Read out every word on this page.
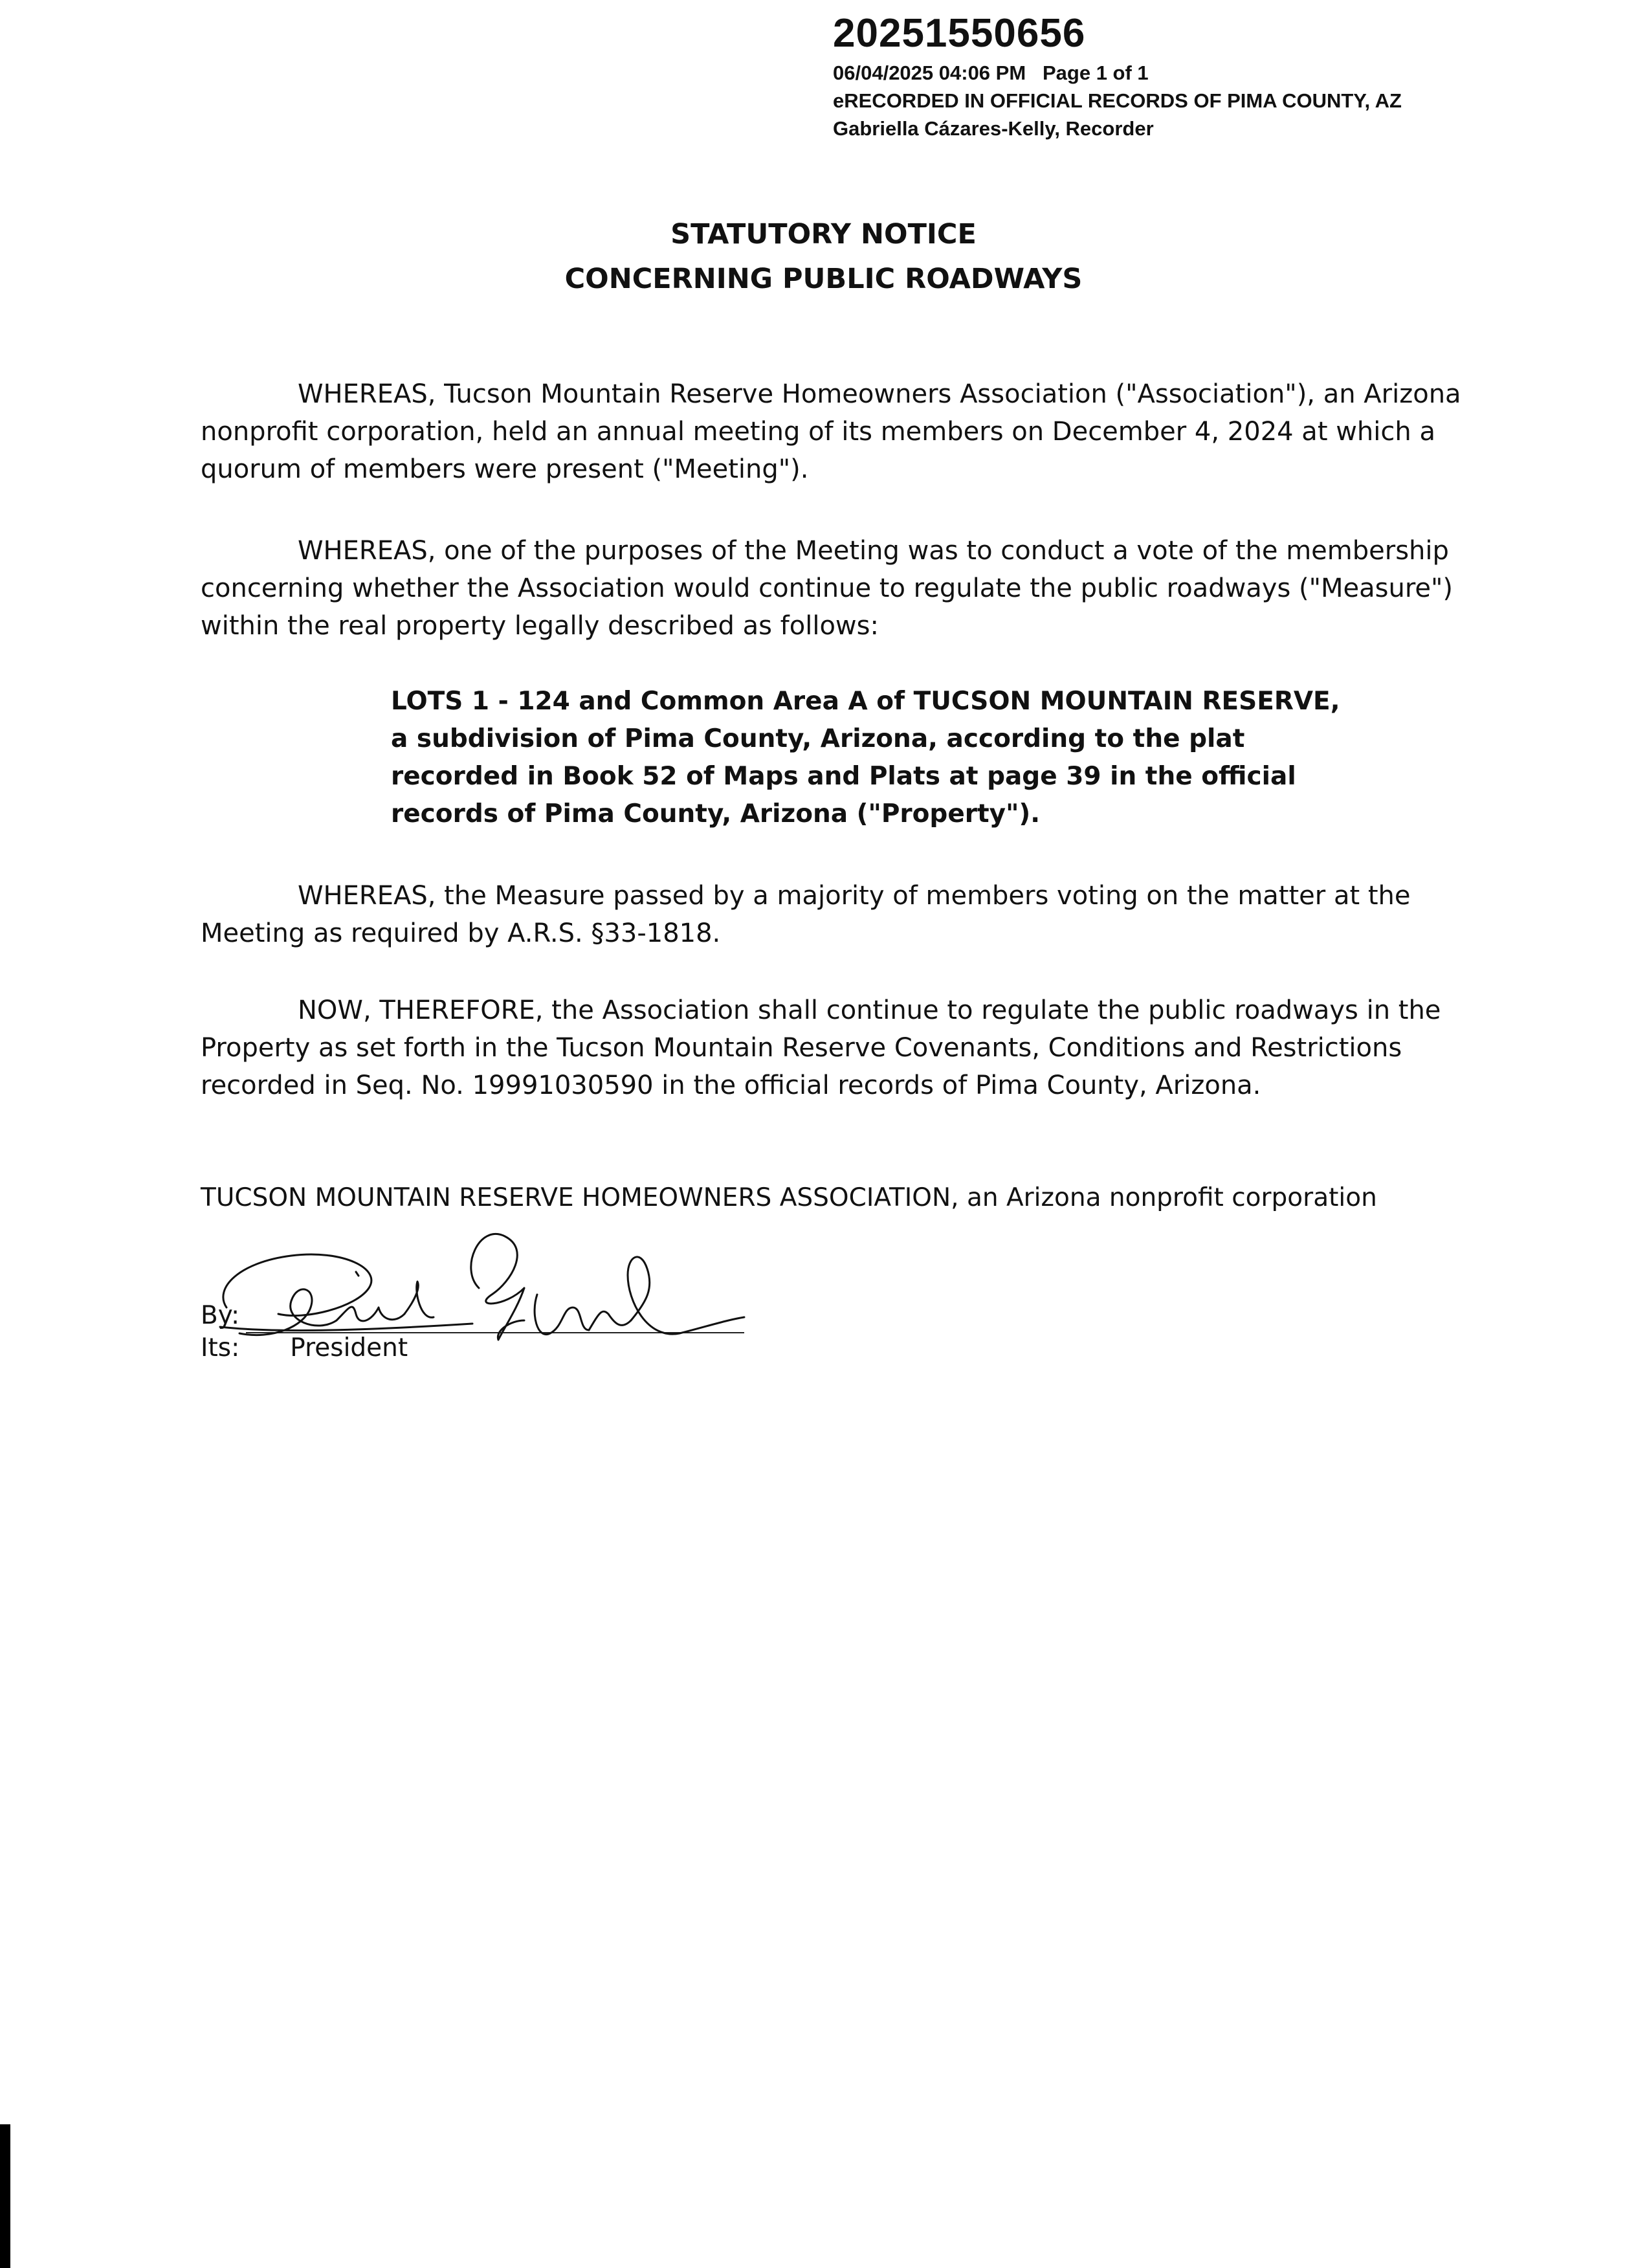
20251550656
06/04/2025 04:06 PM   Page 1 of 1
eRECORDED IN OFFICIAL RECORDS OF PIMA COUNTY, AZ
Gabriella Cázares-Kelly, Recorder
STATUTORY NOTICE
CONCERNING PUBLIC ROADWAYS
WHEREAS, Tucson Mountain Reserve Homeowners Association ("Association"), an Arizona
nonprofit corporation, held an annual meeting of its members on December 4, 2024 at which a
quorum of members were present ("Meeting").
WHEREAS, one of the purposes of the Meeting was to conduct a vote of the membership
concerning whether the Association would continue to regulate the public roadways ("Measure")
within the real property legally described as follows:
LOTS 1 - 124 and Common Area A of TUCSON MOUNTAIN RESERVE,
a subdivision of Pima County, Arizona, according to the plat
recorded in Book 52 of Maps and Plats at page 39 in the official
records of Pima County, Arizona ("Property").
WHEREAS, the Measure passed by a majority of members voting on the matter at the
Meeting as required by A.R.S. §33-1818.
NOW, THEREFORE, the Association shall continue to regulate the public roadways in the
Property as set forth in the Tucson Mountain Reserve Covenants, Conditions and Restrictions
recorded in Seq. No. 19991030590 in the official records of Pima County, Arizona.
TUCSON MOUNTAIN RESERVE HOMEOWNERS ASSOCIATION, an Arizona nonprofit corporation
By:
Its: President
